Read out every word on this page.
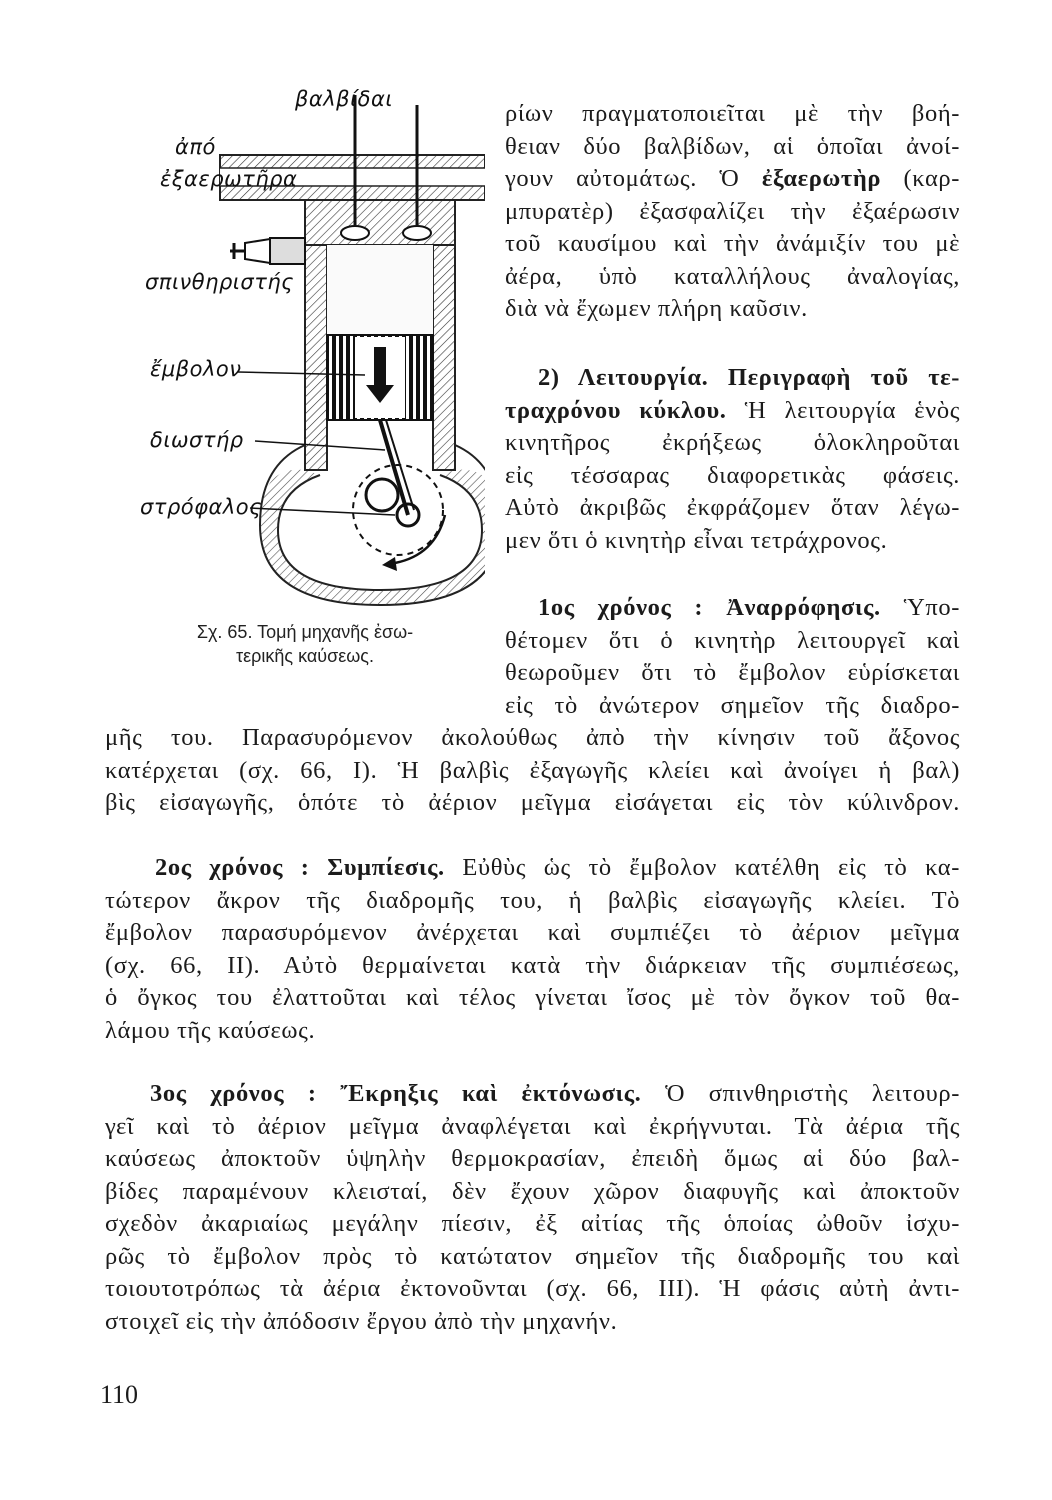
βαλβίδαι
ἀπό
ἐξαερωτῆρα
σπινθηριστής
ἔμβολον
διωστήρ
στρόφαλος
Σχ. 65. Τομή μηχανῆς ἐσω-
τερικῆς καύσεως.
ρίων πραγματοποιεῖται μὲ τὴν βοή-
θειαν δύο βαλβίδων, αἱ ὁποῖαι ἀνοί-
γουν αὐτομάτως. Ὁ ἐξαερωτὴρ (καρ-
μπυρατὲρ) ἐξασφαλίζει τὴν ἐξαέρωσιν
τοῦ καυσίμου καὶ τὴν ἀνάμιξίν του μὲ
ἀέρα, ὑπὸ καταλλήλους ἀναλογίας,
διὰ νὰ ἔχωμεν πλήρη καῦσιν.
2) Λειτουργία. Περιγραφὴ τοῦ τε-
τραχρόνου κύκλου. Ἡ λειτουργία ἑνὸς
κινητῆρος ἐκρήξεως ὁλοκληροῦται
εἰς τέσσαρας διαφορετικὰς φάσεις.
Αὐτὸ ἀκριβῶς ἐκφράζομεν ὅταν λέγω-
μεν ὅτι ὁ κινητὴρ εἶναι τετράχρονος.
1ος χρόνος : Ἀναρρόφησις. Ὑπο-
θέτομεν ὅτι ὁ κινητὴρ λειτουργεῖ καὶ
θεωροῦμεν ὅτι τὸ ἔμβολον εὑρίσκεται
εἰς τὸ ἀνώτερον σημεῖον τῆς διαδρο-
μῆς του. Παρασυρόμενον ἀκολούθως ἀπὸ τὴν κίνησιν τοῦ ἄξονος
κατέρχεται (σχ. 66, Ι). Ἡ βαλβὶς ἐξαγωγῆς κλείει καὶ ἀνοίγει ἡ βαλ)
βὶς εἰσαγωγῆς, ὁπότε τὸ ἀέριον μεῖγμα εἰσάγεται εἰς τὸν κύλινδρον.
2ος χρόνος : Συμπίεσις. Εὐθὺς ὡς τὸ ἔμβολον κατέλθη εἰς τὸ κα-
τώτερον ἄκρον τῆς διαδρομῆς του, ἡ βαλβὶς εἰσαγωγῆς κλείει. Τὸ
ἔμβολον παρασυρόμενον ἀνέρχεται καὶ συμπιέζει τὸ ἀέριον μεῖγμα
(σχ. 66, ΙΙ). Αὐτὸ θερμαίνεται κατὰ τὴν διάρκειαν τῆς συμπιέσεως,
ὁ ὄγκος του ἐλαττοῦται καὶ τέλος γίνεται ἴσος μὲ τὸν ὄγκον τοῦ θα-
λάμου τῆς καύσεως.
3ος χρόνος : Ἔκρηξις καὶ ἐκτόνωσις. Ὁ σπινθηριστὴς λειτουρ-
γεῖ καὶ τὸ ἀέριον μεῖγμα ἀναφλέγεται καὶ ἐκρήγνυται. Τὰ ἀέρια τῆς
καύσεως ἀποκτοῦν ὑψηλὴν θερμοκρασίαν, ἐπειδὴ ὅμως αἱ δύο βαλ-
βίδες παραμένουν κλεισταί, δὲν ἔχουν χῶρον διαφυγῆς καὶ ἀποκτοῦν
σχεδὸν ἀκαριαίως μεγάλην πίεσιν, ἐξ αἰτίας τῆς ὁποίας ὠθοῦν ἰσχυ-
ρῶς τὸ ἔμβολον πρὸς τὸ κατώτατον σημεῖον τῆς διαδρομῆς του καὶ
τοιουτοτρόπως τὰ ἀέρια ἐκτονοῦνται (σχ. 66, ΙΙΙ). Ἡ φάσις αὐτὴ ἀντι-
στοιχεῖ εἰς τὴν ἀπόδοσιν ἔργου ἀπὸ τὴν μηχανήν.
110
